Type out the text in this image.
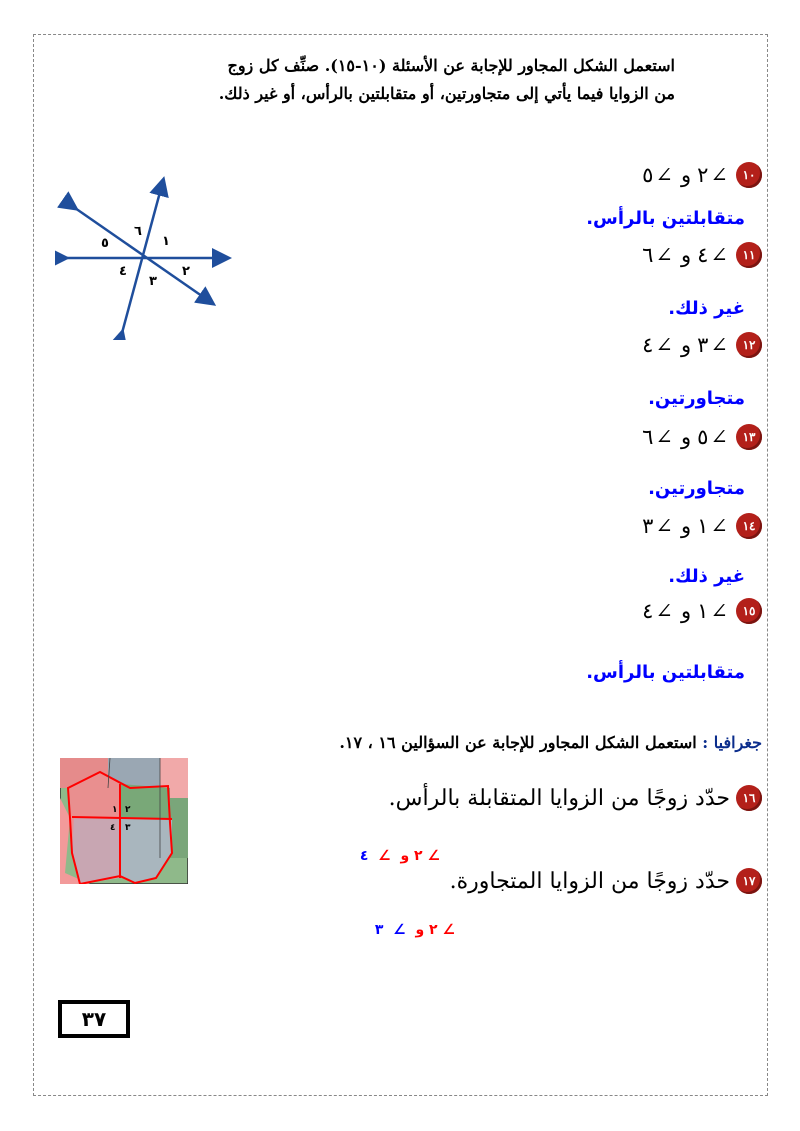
استعمل الشكل المجاور للإجابة عن الأسئلة (١٠-١٥). صنِّف كل زوج
من الزوايا فيما يأتي إلى متجاورتين، أو متقابلتين بالرأس، أو غير ذلك.
١
٢
٣
٤
٥
٦
١٠
∠
٢
و
∠
٥
متقابلتين بالرأس.
١١
∠
٤
و
∠
٦
غير ذلك.
١٢
∠
٣
و
∠
٤
متجاورتين.
١٣
∠
٥
و
∠
٦
متجاورتين.
١٤
∠
١
و
∠
٣
غير ذلك.
١٥
∠
١
و
∠
٤
متقابلتين بالرأس.
جغرافيا : استعمل الشكل المجاور للإجابة عن السؤالين ١٦ ، ١٧.
١ ٢
٣
٤
١٦
حدّد زوجًا من الزوايا المتقابلة بالرأس.
∠ ٢ و  ∠  ٤
١٧
حدّد زوجًا من الزوايا المتجاورة.
∠ ٢ و  ∠  ٣
٣٧
